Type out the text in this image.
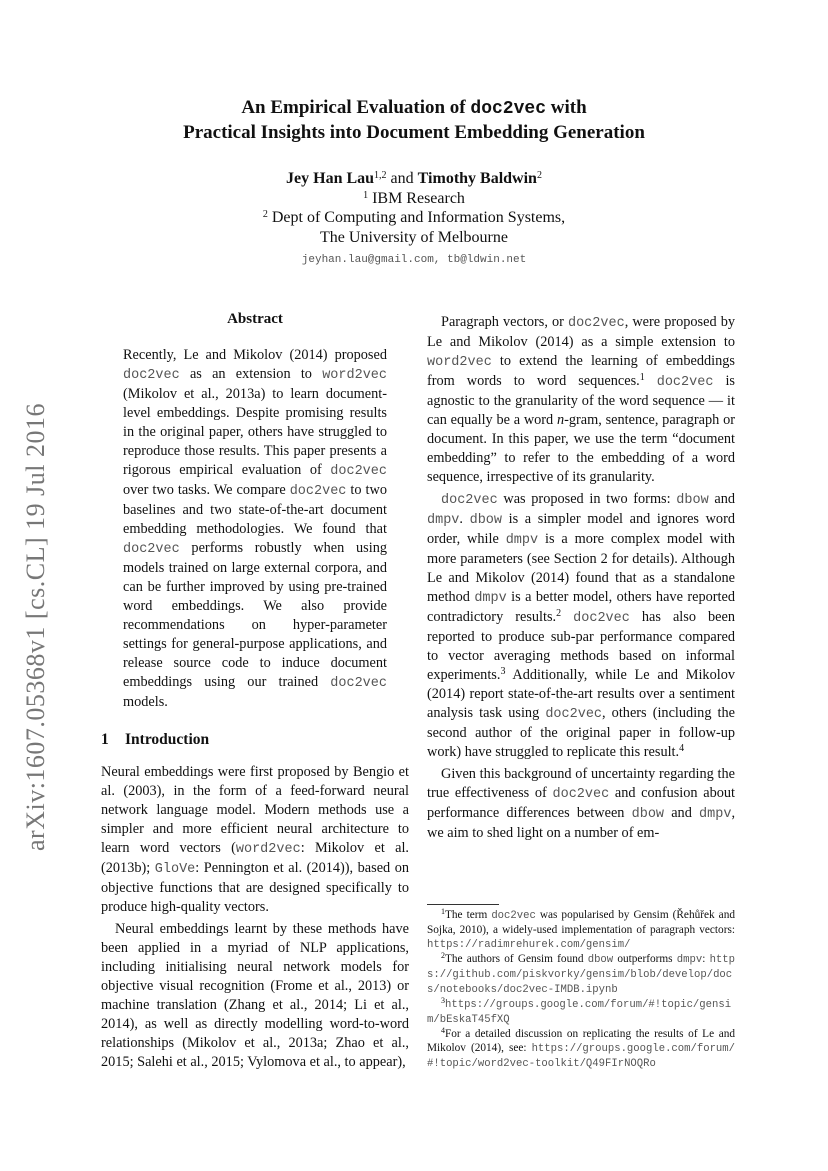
arXiv:1607.05368v1 [cs.CL] 19 Jul 2016
An Empirical Evaluation of doc2vec with
Practical Insights into Document Embedding Generation
Jey Han Lau$^{1,2}$ and Timothy Baldwin$^2$
$^1$ IBM Research
$^2$ Dept of Computing and Information Systems,
The University of Melbourne
jeyhan.lau@gmail.com, tb@ldwin.net
Abstract

Recently, Le and Mikolov (2014) proposed doc2vec as an extension to word2vec (Mikolov et al., 2013a) to learn document-level embeddings. Despite promising results in the original paper, others have struggled to reproduce those results. This paper presents a rigorous empirical evaluation of doc2vec over two tasks. We compare doc2vec to two baselines and two state-of-the-art document embedding methodologies. We found that doc2vec performs robustly when using models trained on large external corpora, and can be further improved by using pre-trained word embeddings. We also provide recommendations on hyper-parameter settings for general-purpose applications, and release source code to induce document embeddings using our trained doc2vec models.

1 Introduction

Neural embeddings were first proposed by Bengio et al. (2003), in the form of a feed-forward neural network language model. Modern methods use a simpler and more efficient neural architecture to learn word vectors (word2vec: Mikolov et al. (2013b); GloVe: Pennington et al. (2014)), based on objective functions that are designed specifically to produce high-quality vectors.

Neural embeddings learnt by these methods have been applied in a myriad of NLP applications, including initialising neural network models for objective visual recognition (Frome et al., 2013) or machine translation (Zhang et al., 2014; Li et al., 2014), as well as directly modelling word-to-word relationships (Mikolov et al., 2013a; Zhao et al., 2015; Salehi et al., 2015; Vylomova et al., to appear),

Paragraph vectors, or doc2vec, were proposed by Le and Mikolov (2014) as a simple extension to word2vec to extend the learning of embeddings from words to word sequences.$^1$ doc2vec is agnostic to the granularity of the word sequence — it can equally be a word n-gram, sentence, paragraph or document. In this paper, we use the term “document embedding” to refer to the embedding of a word sequence, irrespective of its granularity.

doc2vec was proposed in two forms: dbow and dmpv. dbow is a simpler model and ignores word order, while dmpv is a more complex model with more parameters (see Section 2 for details). Although Le and Mikolov (2014) found that as a standalone method dmpv is a better model, others have reported contradictory results.$^2$ doc2vec has also been reported to produce sub-par performance compared to vector averaging methods based on informal experiments.$^3$ Additionally, while Le and Mikolov (2014) report state-of-the-art results over a sentiment analysis task using doc2vec, others (including the second author of the original paper in follow-up work) have struggled to replicate this result.$^4$

Given this background of uncertainty regarding the true effectiveness of doc2vec and confusion about performance differences between dbow and dmpv, we aim to shed light on a number of em-

$^1$The term doc2vec was popularised by Gensim (Řehůřek and Sojka, 2010), a widely-used implementation of paragraph vectors: https://radimrehurek.com/gensim/

$^2$The authors of Gensim found dbow outperforms dmpv: https://github.com/piskvorky/gensim/blob/develop/docs/notebooks/doc2vec-IMDB.ipynb

$^3$https://groups.google.com/forum/#!topic/gensim/bEskaT45fXQ

$^4$For a detailed discussion on replicating the results of Le and Mikolov (2014), see: https://groups.google.com/forum/#!topic/word2vec-toolkit/Q49FIrNOQRo
